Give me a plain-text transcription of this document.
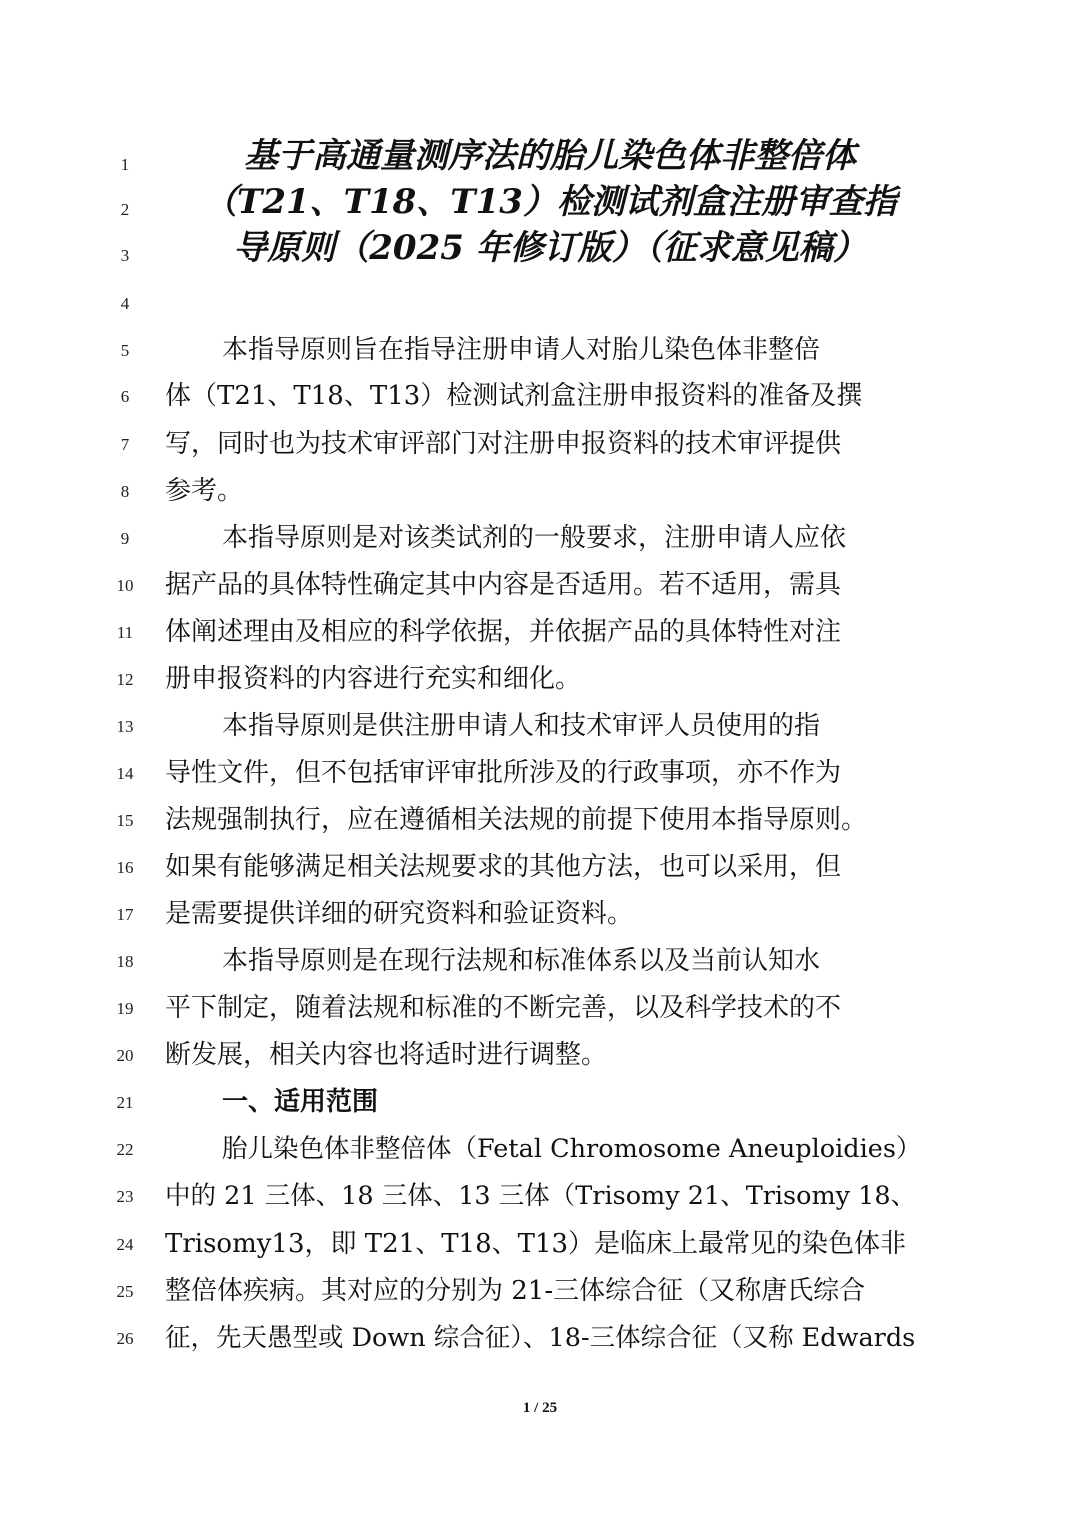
1
2
3
4
5
6
7
8
9
10
11
12
13
14
15
16
17
18
19
20
21
22
23
24
25
26
基于高通量测序法的胎儿染色体非整倍体
（T21、T18、T13）检测试剂盒注册审查指
导原则（2025 年修订版）（征求意见稿）
本指导原则旨在指导注册申请人对胎儿染色体非整倍
体（T21、T18、T13）检测试剂盒注册申报资料的准备及撰
写，同时也为技术审评部门对注册申报资料的技术审评提供
参考。
本指导原则是对该类试剂的一般要求，注册申请人应依
据产品的具体特性确定其中内容是否适用。若不适用，需具
体阐述理由及相应的科学依据，并依据产品的具体特性对注
册申报资料的内容进行充实和细化。
本指导原则是供注册申请人和技术审评人员使用的指
导性文件，但不包括审评审批所涉及的行政事项，亦不作为
法规强制执行，应在遵循相关法规的前提下使用本指导原则。
如果有能够满足相关法规要求的其他方法，也可以采用，但
是需要提供详细的研究资料和验证资料。
本指导原则是在现行法规和标准体系以及当前认知水
平下制定，随着法规和标准的不断完善，以及科学技术的不
断发展，相关内容也将适时进行调整。
一、适用范围
胎儿染色体非整倍体（Fetal Chromosome Aneuploidies）
中的 21 三体、18 三体、13 三体（Trisomy 21、Trisomy 18、
Trisomy13，即 T21、T18、T13）是临床上最常见的染色体非
整倍体疾病。其对应的分别为 21-三体综合征（又称唐氏综合
征，先天愚型或 Down 综合征）、18-三体综合征（又称 Edwards
1 / 25
